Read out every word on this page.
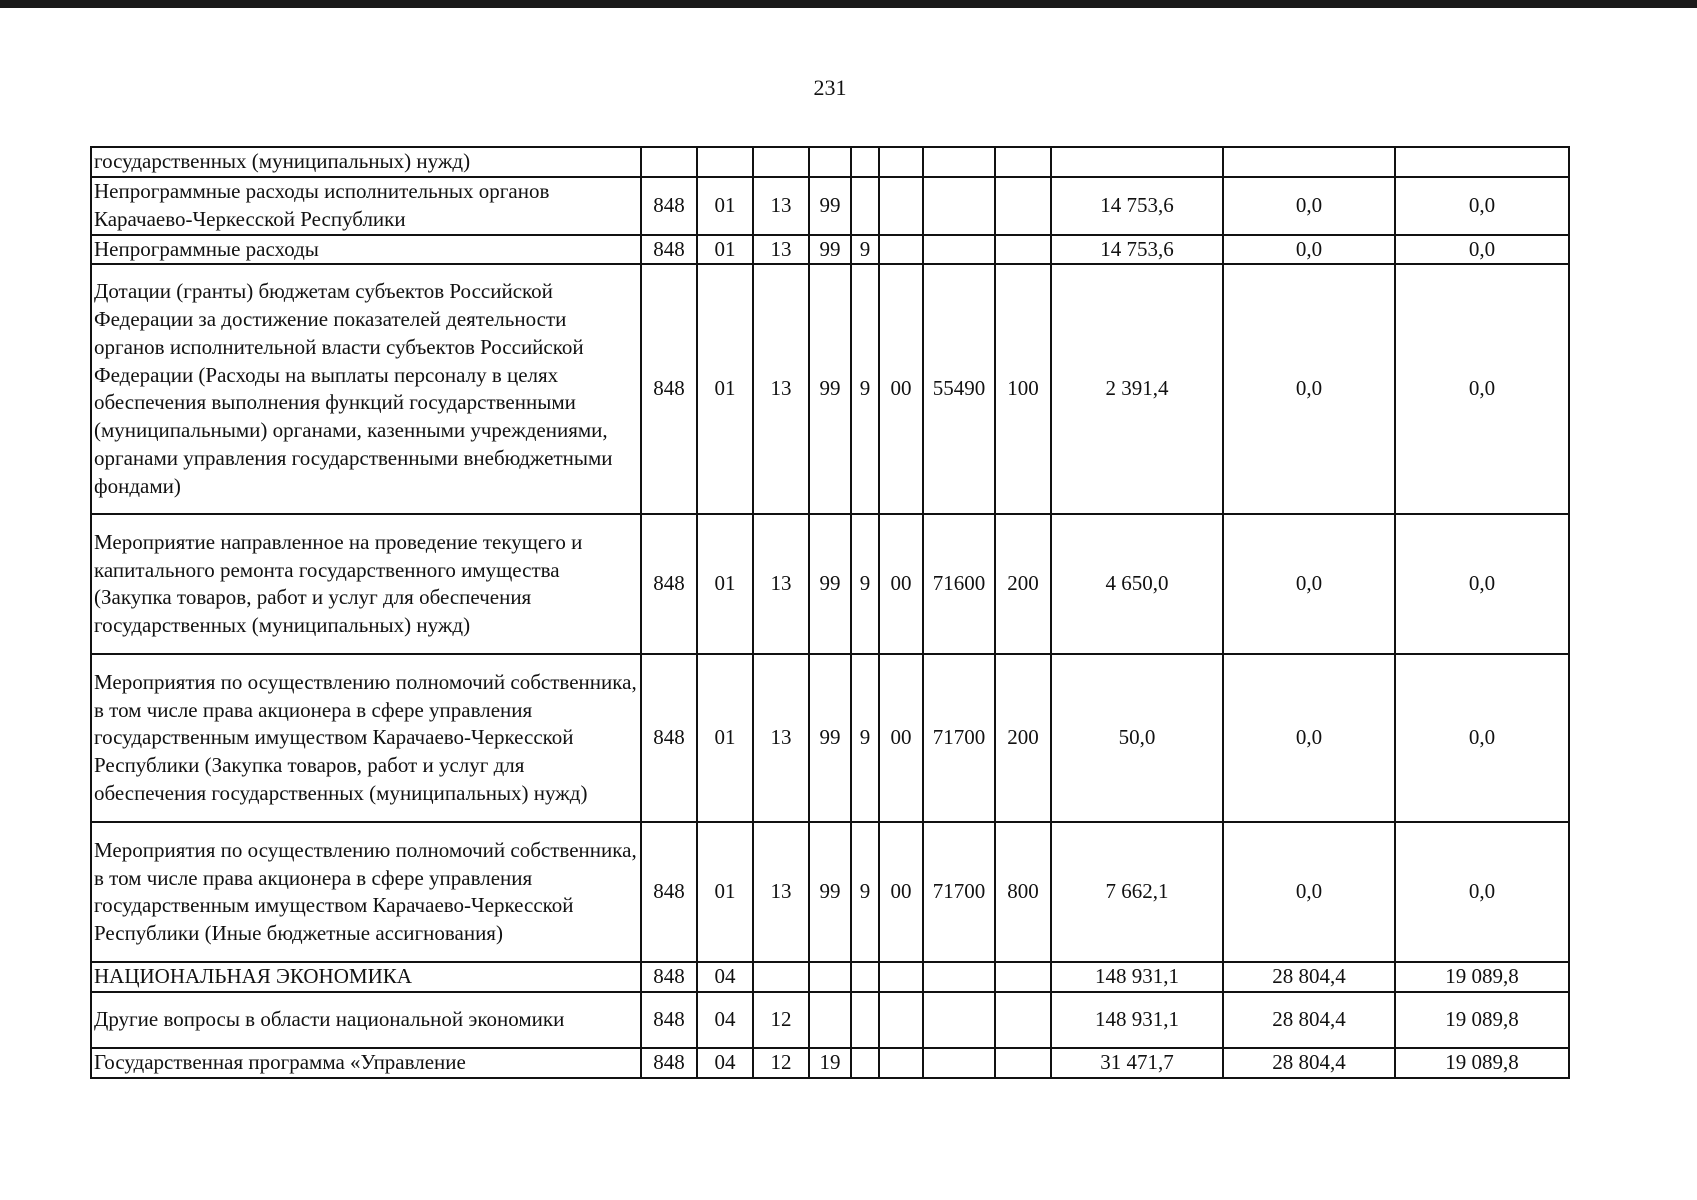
231
государственных (муниципальных) нужд)											
Непрограммные расходы исполнительных органов Карачаево-Черкесской Республики	848	01	13	99					14 753,6	0,0	0,0
Непрограммные расходы	848	01	13	99	9				14 753,6	0,0	0,0
Дотации (гранты) бюджетам субъектов Российской Федерации за достижение показателей деятельности органов исполнительной власти субъектов Российской Федерации (Расходы на выплаты персоналу в целях обеспечения выполнения функций государственными (муниципальными) органами, казенными учреждениями, органами управления государственными внебюджетными фондами)	848	01	13	99	9	00	55490	100	2 391,4	0,0	0,0
Мероприятие направленное на проведение текущего и капитального ремонта государственного имущества (Закупка товаров, работ и услуг для обеспечения государственных (муниципальных) нужд)	848	01	13	99	9	00	71600	200	4 650,0	0,0	0,0
Мероприятия по осуществлению полномочий собственника, в том числе права акционера в сфере управления государственным имуществом Карачаево-Черкесской Республики (Закупка товаров, работ и услуг для обеспечения государственных (муниципальных) нужд)	848	01	13	99	9	00	71700	200	50,0	0,0	0,0
Мероприятия по осуществлению полномочий собственника, в том числе права акционера в сфере управления государственным имуществом Карачаево-Черкесской Республики (Иные бюджетные ассигнования)	848	01	13	99	9	00	71700	800	7 662,1	0,0	0,0
НАЦИОНАЛЬНАЯ ЭКОНОМИКА	848	04							148 931,1	28 804,4	19 089,8
Другие вопросы в области национальной экономики	848	04	12						148 931,1	28 804,4	19 089,8
Государственная программа «Управление	848	04	12	19					31 471,7	28 804,4	19 089,8
